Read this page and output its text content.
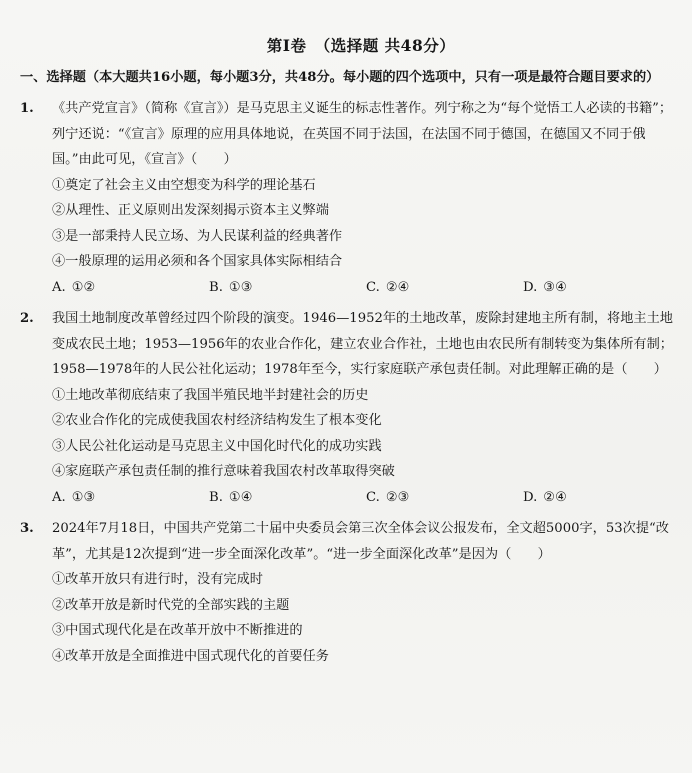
第Ⅰ卷　（选择题 共48分）
一、选择题（本大题共16小题，每小题3分，共48分。每小题的四个选项中，只有一项是最符合题目要求的）

1. 《共产党宣言》（简称《宣言》）是马克思主义诞生的标志性著作。列宁称之为“每个觉悟工人必读的书籍”；列宁还说：“《宣言》原理的应用具体地说，在英国不同于法国，在法国不同于德国，在德国又不同于俄国。”由此可见，《宣言》（　　）

①奠定了社会主义由空想变为科学的理论基石

②从理性、正义原则出发深刻揭示资本主义弊端

③是一部秉持人民立场、为人民谋利益的经典著作

④一般原理的运用必须和各个国家具体实际相结合

A. ①②	B. ①③	C. ②④	D. ③④

2. 我国土地制度改革曾经过四个阶段的演变。1946—1952年的土地改革，废除封建地主所有制，将地主土地变成农民土地；1953—1956年的农业合作化，建立农业合作社，土地也由农民所有制转变为集体所有制；1958—1978年的人民公社化运动；1978年至今，实行家庭联产承包责任制。对此理解正确的是（　　）

①土地改革彻底结束了我国半殖民地半封建社会的历史

②农业合作化的完成使我国农村经济结构发生了根本变化

③人民公社化运动是马克思主义中国化时代化的成功实践

④家庭联产承包责任制的推行意味着我国农村改革取得突破

A. ①③	B. ①④	C. ②③	D. ②④

3. 2024年7月18日，中国共产党第二十届中央委员会第三次全体会议公报发布，全文超5000字，53次提“改革”，尤其是12次提到“进一步全面深化改革”。“进一步全面深化改革”是因为（　　）

①改革开放只有进行时，没有完成时

②改革开放是新时代党的全部实践的主题

③中国式现代化是在改革开放中不断推进的

④改革开放是全面推进中国式现代化的首要任务
